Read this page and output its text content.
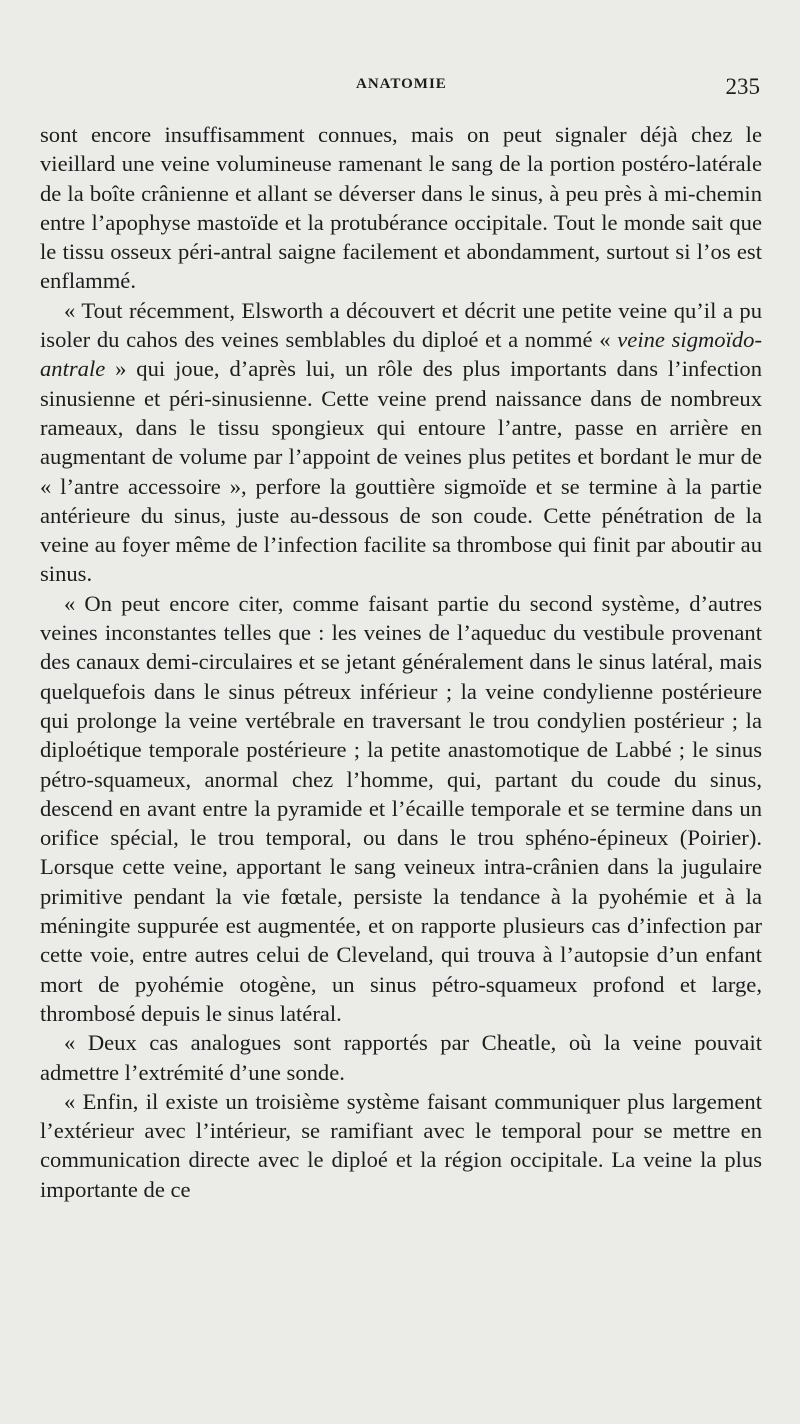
ANATOMIE	235

sont encore insuffisamment connues, mais on peut signaler déjà chez le vieillard une veine volumineuse ramenant le sang de la portion postéro-latérale de la boîte crânienne et allant se déverser dans le sinus, à peu près à mi-chemin entre l’apophyse mastoïde et la protubérance occipitale. Tout le monde sait que le tissu osseux péri-antral saigne facilement et abondamment, surtout si l’os est enflammé.

« Tout récemment, Elsworth a découvert et décrit une petite veine qu’il a pu isoler du cahos des veines semblables du diploé et a nommé « veine sigmoïdo-antrale » qui joue, d’après lui, un rôle des plus importants dans l’infection sinusienne et péri-sinusienne. Cette veine prend naissance dans de nombreux rameaux, dans le tissu spongieux qui entoure l’antre, passe en arrière en augmentant de volume par l’appoint de veines plus petites et bordant le mur de « l’antre accessoire », perfore la gouttière sigmoïde et se termine à la partie antérieure du sinus, juste au-dessous de son coude. Cette pénétration de la veine au foyer même de l’infection facilite sa thrombose qui finit par aboutir au sinus.

« On peut encore citer, comme faisant partie du second système, d’autres veines inconstantes telles que : les veines de l’aqueduc du vestibule provenant des canaux demi-circulaires et se jetant généralement dans le sinus latéral, mais quelquefois dans le sinus pétreux inférieur ; la veine condylienne postérieure qui prolonge la veine vertébrale en traversant le trou condylien postérieur ; la diploétique temporale postérieure ; la petite anastomotique de Labbé ; le sinus pétro-squameux, anormal chez l’homme, qui, partant du coude du sinus, descend en avant entre la pyramide et l’écaille temporale et se termine dans un orifice spécial, le trou temporal, ou dans le trou sphéno-épineux (Poirier). Lorsque cette veine, apportant le sang veineux intra-crânien dans la jugulaire primitive pendant la vie fœtale, persiste la tendance à la pyohémie et à la méningite suppurée est augmentée, et on rapporte plusieurs cas d’infection par cette voie, entre autres celui de Cleveland, qui trouva à l’autopsie d’un enfant mort de pyohémie otogène, un sinus pétro-squameux profond et large, thrombosé depuis le sinus latéral.

« Deux cas analogues sont rapportés par Cheatle, où la veine pouvait admettre l’extrémité d’une sonde.

« Enfin, il existe un troisième système faisant communiquer plus largement l’extérieur avec l’intérieur, se ramifiant avec le temporal pour se mettre en communication directe avec le diploé et la région occipitale. La veine la plus importante de ce
